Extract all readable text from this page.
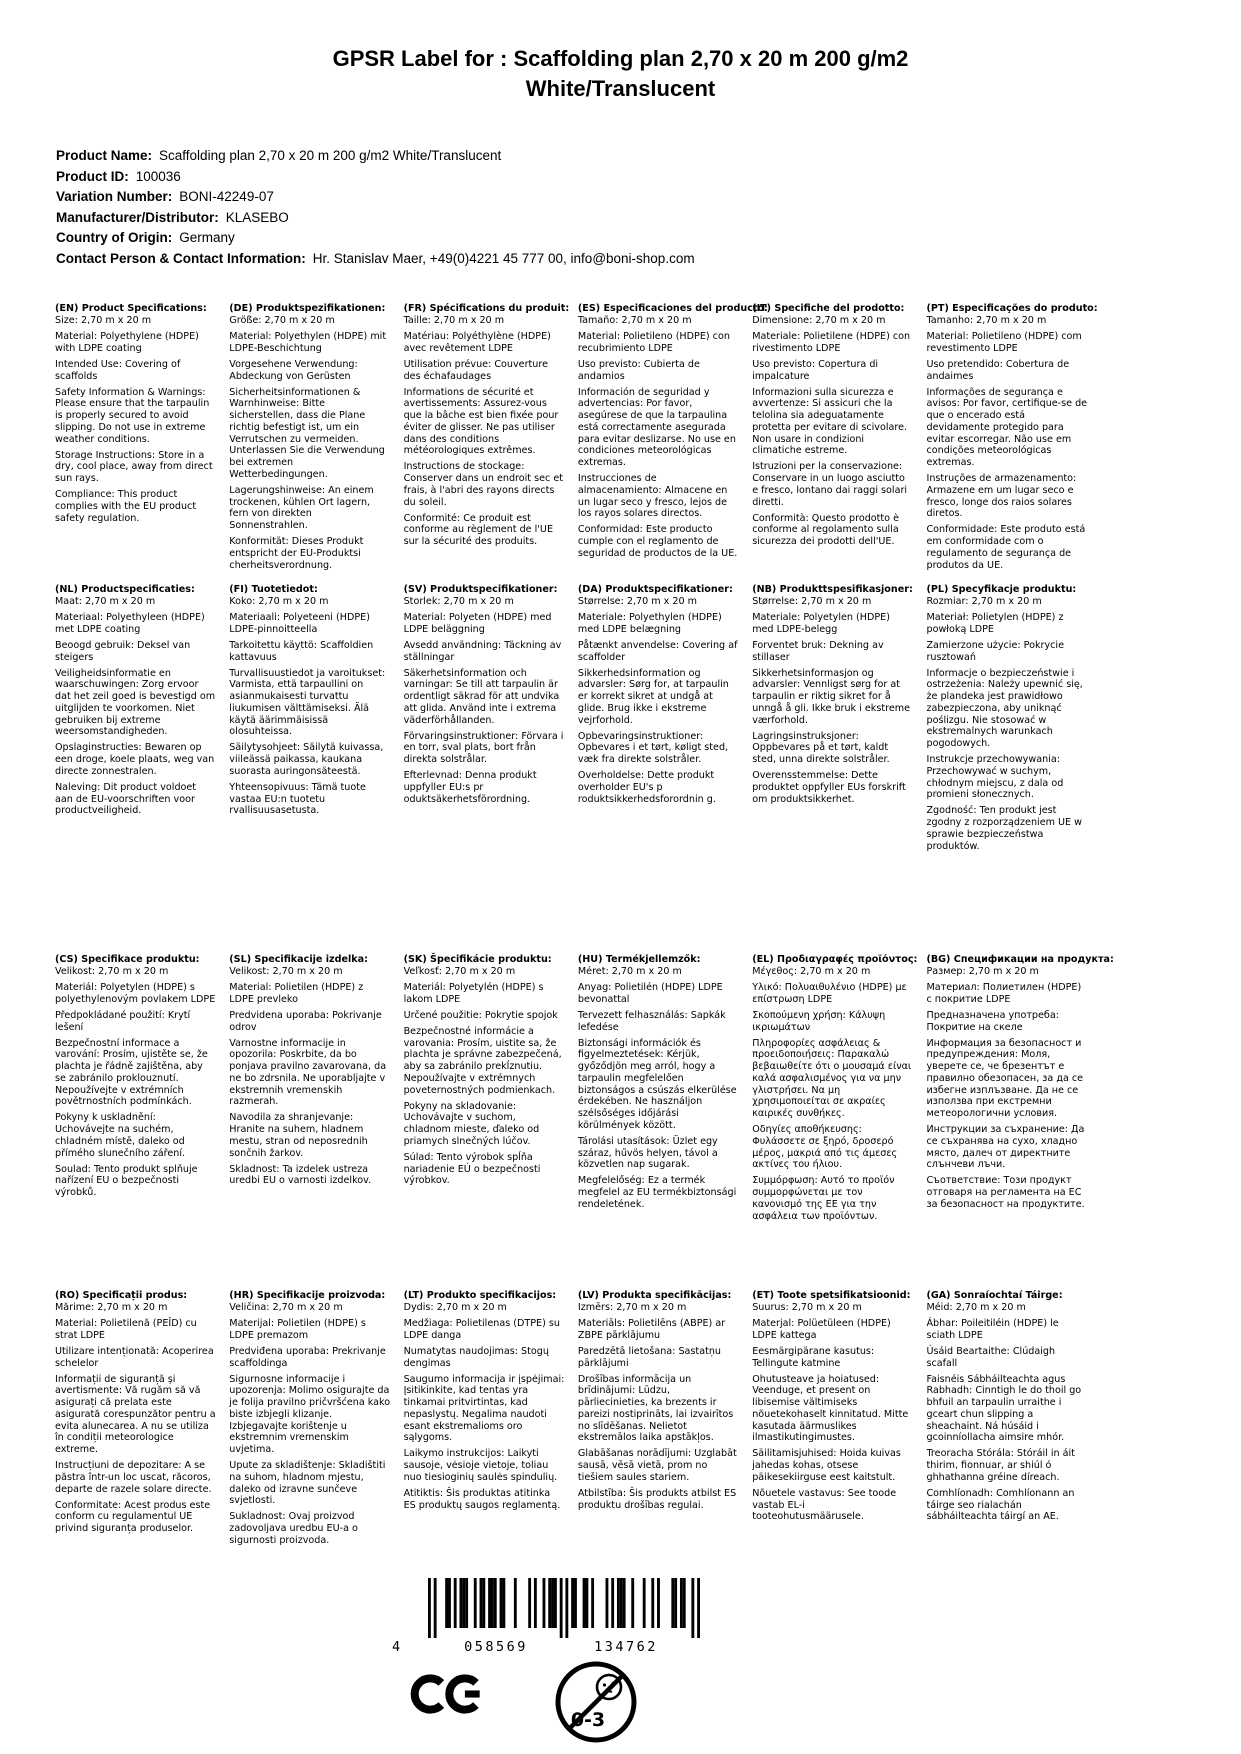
GPSR Label for : Scaffolding plan 2,70 x 20 m 200 g/m2
White/Translucent
Product Name: Scaffolding plan 2,70 x 20 m 200 g/m2 White/Translucent
Product ID: 100036
Variation Number: BONI-42249-07
Manufacturer/Distributor: KLASEBO
Country of Origin: Germany
Contact Person & Contact Information: Hr. Stanislav Maer, +49(0)4221 45 777 00, info@boni-shop.com
(EN) Product Specifications:

Size: 2,70 m x 20 m

Material: Polyethylene (HDPE) with LDPE coating

Intended Use: Covering of scaffolds

Safety Information & Warnings: Please ensure that the tarpaulin is properly secured to avoid slipping. Do not use in extreme weather conditions.

Storage Instructions: Store in a dry, cool place, away from direct sun rays.

Compliance: This product complies with the EU product safety regulation.

(DE) Produktspezifikationen:

Größe: 2,70 m x 20 m

Material: Polyethylen (HDPE) mit LDPE-Beschichtung

Vorgesehene Verwendung: Abdeckung von Gerüsten

Sicherheitsinformationen & Warnhinweise: Bitte sicherstellen, dass die Plane richtig befestigt ist, um ein Verrutschen zu vermeiden. Unterlassen Sie die Verwendung bei extremen Wetterbedingungen.

Lagerungshinweise: An einem trockenen, kühlen Ort lagern, fern von direkten Sonnenstrahlen.

Konformität: Dieses Produkt entspricht der EU-Produktsi cherheitsverordnung.

(FR) Spécifications du produit:

Taille: 2,70 m x 20 m

Matériau: Polyéthylène (HDPE) avec revêtement LDPE

Utilisation prévue: Couverture des échafaudages

Informations de sécurité et avertissements: Assurez-vous que la bâche est bien fixée pour éviter de glisser. Ne pas utiliser dans des conditions météorologiques extrêmes.

Instructions de stockage: Conserver dans un endroit sec et frais, à l'abri des rayons directs du soleil.

Conformité: Ce produit est conforme au règlement de l'UE sur la sécurité des produits.

(ES) Especificaciones del producto:

Tamaño: 2,70 m x 20 m

Material: Polietileno (HDPE) con recubrimiento LDPE

Uso previsto: Cubierta de andamios

Información de seguridad y advertencias: Por favor, asegúrese de que la tarpaulina está correctamente asegurada para evitar deslizarse. No use en condiciones meteorológicas extremas.

Instrucciones de almacenamiento: Almacene en un lugar seco y fresco, lejos de los rayos solares directos.

Conformidad: Este producto cumple con el reglamento de seguridad de productos de la UE.

(IT) Specifiche del prodotto:

Dimensione: 2,70 m x 20 m

Materiale: Polietilene (HDPE) con rivestimento LDPE

Uso previsto: Copertura di impalcature

Informazioni sulla sicurezza e avvertenze: Si assicuri che la telolina sia adeguatamente protetta per evitare di scivolare. Non usare in condizioni climatiche estreme.

Istruzioni per la conservazione: Conservare in un luogo asciutto e fresco, lontano dai raggi solari diretti.

Conformità: Questo prodotto è conforme al regolamento sulla sicurezza dei prodotti dell'UE.

(PT) Especificações do produto:

Tamanho: 2,70 m x 20 m

Material: Polietileno (HDPE) com revestimento LDPE

Uso pretendido: Cobertura de andaimes

Informações de segurança e avisos: Por favor, certifique-se de que o encerado está devidamente protegido para evitar escorregar. Não use em condições meteorológicas extremas.

Instruções de armazenamento: Armazene em um lugar seco e fresco, longe dos raios solares diretos.

Conformidade: Este produto está em conformidade com o regulamento de segurança de produtos da UE.

(NL) Productspecificaties:

Maat: 2,70 m x 20 m

Materiaal: Polyethyleen (HDPE) met LDPE coating

Beoogd gebruik: Deksel van steigers

Veiligheidsinformatie en waarschuwingen: Zorg ervoor dat het zeil goed is bevestigd om uitglijden te voorkomen. Niet gebruiken bij extreme weersomstandigheden.

Opslaginstructies: Bewaren op een droge, koele plaats, weg van directe zonnestralen.

Naleving: Dit product voldoet aan de EU-voorschriften voor productveiligheid.

(FI) Tuotetiedot:

Koko: 2,70 m x 20 m

Materiaali: Polyeteeni (HDPE) LDPE-pinnoitteella

Tarkoitettu käyttö: Scaffoldien kattavuus

Turvallisuustiedot ja varoitukset: Varmista, että tarpaullini on asianmukaisesti turvattu liukumisen välttämiseksi. Älä käytä äärimmäisissä olosuhteissa.

Säilytysohjeet: Säilytä kuivassa, viileässä paikassa, kaukana suorasta auringonsäteestä.

Yhteensopivuus: Tämä tuote vastaa EU:n tuotetu rvallisuusasetusta.

(SV) Produktspecifikationer:

Storlek: 2,70 m x 20 m

Material: Polyeten (HDPE) med LDPE beläggning

Avsedd användning: Täckning av ställningar

Säkerhetsinformation och varningar: Se till att tarpaulin är ordentligt säkrad för att undvika att glida. Använd inte i extrema väderförhållanden.

Förvaringsinstruktioner: Förvara i en torr, sval plats, bort från direkta solstrålar.

Efterlevnad: Denna produkt uppfyller EU:s pr oduktsäkerhetsförordning.

(DA) Produktspecifikationer:

Størrelse: 2,70 m x 20 m

Materiale: Polyethylen (HDPE) med LDPE belægning

Påtænkt anvendelse: Covering af scaffolder

Sikkerhedsinformation og advarsler: Sørg for, at tarpaulin er korrekt sikret at undgå at glide. Brug ikke i ekstreme vejrforhold.

Opbevaringsinstruktioner: Opbevares i et tørt, køligt sted, væk fra direkte solstråler.

Overholdelse: Dette produkt overholder EU's p roduktsikkerhedsforordnin g.

(NB) Produkttspesifikasjoner:

Størrelse: 2,70 m x 20 m

Materiale: Polyetylen (HDPE) med LDPE-belegg

Forventet bruk: Dekning av stillaser

Sikkerhetsinformasjon og advarsler: Vennligst sørg for at tarpaulin er riktig sikret for å unngå å gli. Ikke bruk i ekstreme værforhold.

Lagringsinstruksjoner: Oppbevares på et tørt, kaldt sted, unna direkte solstråler.

Overensstemmelse: Dette produktet oppfyller EUs forskrift om produktsikkerhet.

(PL) Specyfikacje produktu:

Rozmiar: 2,70 m x 20 m

Materiał: Polietylen (HDPE) z powłoką LDPE

Zamierzone użycie: Pokrycie rusztowań

Informacje o bezpieczeństwie i ostrzeżenia: Należy upewnić się, że plandeka jest prawidłowo zabezpieczona, aby uniknąć poślizgu. Nie stosować w ekstremalnych warunkach pogodowych.

Instrukcje przechowywania: Przechowywać w suchym, chłodnym miejscu, z dala od promieni słonecznych.

Zgodność: Ten produkt jest zgodny z rozporządzeniem UE w sprawie bezpieczeństwa produktów.

(CS) Specifikace produktu:

Velikost: 2,70 m x 20 m

Materiál: Polyetylen (HDPE) s polyethylenovým povlakem LDPE

Předpokládané použití: Krytí lešení

Bezpečnostní informace a varování: Prosím, ujistěte se, že plachta je řádně zajištěna, aby se zabránilo proklouznutí. Nepoužívejte v extrémních povětrnostních podmínkách.

Pokyny k uskladnění: Uchovávejte na suchém, chladném místě, daleko od přímého slunečního záření.

Soulad: Tento produkt splňuje nařízení EU o bezpečnosti výrobků.

(SL) Specifikacije izdelka:

Velikost: 2,70 m x 20 m

Material: Polietilen (HDPE) z LDPE prevleko

Predvidena uporaba: Pokrivanje odrov

Varnostne informacije in opozorila: Poskrbite, da bo ponjava pravilno zavarovana, da ne bo zdrsnila. Ne uporabljajte v ekstremnih vremenskih razmerah.

Navodila za shranjevanje: Hranite na suhem, hladnem mestu, stran od neposrednih sončnih žarkov.

Skladnost: Ta izdelek ustreza uredbi EU o varnosti izdelkov.

(SK) Špecifikácie produktu:

Veľkosť: 2,70 m x 20 m

Materiál: Polyetylén (HDPE) s lakom LDPE

Určené použitie: Pokrytie spojok

Bezpečnostné informácie a varovania: Prosím, uistite sa, že plachta je správne zabezpečená, aby sa zabránilo prekĺznutiu. Nepoužívajte v extrémnych poveternostných podmienkach.

Pokyny na skladovanie: Uchovávajte v suchom, chladnom mieste, ďaleko od priamych slnečných lúčov.

Súlad: Tento výrobok spĺňa nariadenie EÚ o bezpečnosti výrobkov.

(HU) Termékjellemzők:

Méret: 2,70 m x 20 m

Anyag: Polietilén (HDPE) LDPE bevonattal

Tervezett felhasználás: Sapkák lefedése

Biztonsági információk és figyelmeztetések: Kérjük, győződjön meg arról, hogy a tarpaulin megfelelően biztonságos a csúszás elkerülése érdekében. Ne használjon szélsőséges időjárási körülmények között.

Tárolási utasítások: Üzlet egy száraz, hűvös helyen, távol a közvetlen nap sugarak.

Megfelelőség: Ez a termék megfelel az EU termékbiztonsági rendeletének.

(EL) Προδιαγραφές προϊόντος:

Μέγεθος: 2,70 m x 20 m

Υλικό: Πολυαιθυλένιο (HDPE) με επίστρωση LDPE

Σκοπούμενη χρήση: Κάλυψη ικριωμάτων

Πληροφορίες ασφάλειας & προειδοποιήσεις: Παρακαλώ βεβαιωθείτε ότι ο μουσαμά είναι καλά ασφαλισμένος για να μην γλιστρήσει. Να μη χρησιμοποιείται σε ακραίες καιρικές συνθήκες.

Οδηγίες αποθήκευσης: Φυλάσσετε σε ξηρό, δροσερό μέρος, μακριά από τις άμεσες ακτίνες του ήλιου.

Συμμόρφωση: Αυτό το προϊόν συμμορφώνεται με τον κανονισμό της ΕΕ για την ασφάλεια των προϊόντων.

(BG) Спецификации на продукта:

Размер: 2,70 m x 20 m

Материал: Полиетилен (HDPE) с покритие LDPE

Предназначена употреба: Покритие на скеле

Информация за безопасност и предупреждения: Моля, уверете се, че брезентът е правилно обезопасен, за да се избегне изплъзване. Да не се използва при екстремни метеорологични условия.

Инструкции за съхранение: Да се съхранява на сухо, хладно място, далеч от директните слънчеви лъчи.

Съответствие: Този продукт отговаря на регламента на ЕС за безопасност на продуктите.

(RO) Specificații produs:

Mărime: 2,70 m x 20 m

Material: Polietilenă (PEÎD) cu strat LDPE

Utilizare intenționată: Acoperirea schelelor

Informații de siguranță și avertismente: Vă rugăm să vă asigurați că prelata este asigurată corespunzător pentru a evita alunecarea. A nu se utiliza în condiții meteorologice extreme.

Instrucțiuni de depozitare: A se păstra într-un loc uscat, răcoros, departe de razele solare directe.

Conformitate: Acest produs este conform cu regulamentul UE privind siguranța produselor.

(HR) Specifikacije proizvoda:

Veličina: 2,70 m x 20 m

Materijal: Polietilen (HDPE) s LDPE premazom

Predviđena uporaba: Prekrivanje scaffoldinga

Sigurnosne informacije i upozorenja: Molimo osigurajte da je folija pravilno pričvršćena kako biste izbjegli klizanje. Izbjegavajte korištenje u ekstremnim vremenskim uvjetima.

Upute za skladištenje: Skladištiti na suhom, hladnom mjestu, daleko od izravne sunčeve svjetlosti.

Sukladnost: Ovaj proizvod zadovoljava uredbu EU-a o sigurnosti proizvoda.

(LT) Produkto specifikacijos:

Dydis: 2,70 m x 20 m

Medžiaga: Polietilenas (DTPE) su LDPE danga

Numatytas naudojimas: Stogų dengimas

Saugumo informacija ir įspėjimai: Įsitikinkite, kad tentas yra tinkamai pritvirtintas, kad nepaslystų. Negalima naudoti esant ekstremalioms oro sąlygoms.

Laikymo instrukcijos: Laikyti sausoje, vėsioje vietoje, toliau nuo tiesioginių saulės spindulių.

Atitiktis: Šis produktas atitinka ES produktų saugos reglamentą.

(LV) Produkta specifikācijas:

Izmērs: 2,70 m x 20 m

Materiāls: Polietilēns (ABPE) ar ZBPE pārklājumu

Paredzētā lietošana: Sastatņu pārklājumi

Drošības informācija un brīdinājumi: Lūdzu, pārliecinieties, ka brezents ir pareizi nostiprināts, lai izvairītos no slīdēšanas. Nelietot ekstremālos laika apstākļos.

Glabāšanas norādījumi: Uzglabāt sausā, vēsā vietā, prom no tiešiem saules stariem.

Atbilstība: Šis produkts atbilst ES produktu drošības regulai.

(ET) Toote spetsifikatsioonid:

Suurus: 2,70 m x 20 m

Materjal: Polüetüleen (HDPE) LDPE kattega

Eesmärgipärane kasutus: Tellingute katmine

Ohutusteave ja hoiatused: Veenduge, et present on libisemise vältimiseks nõuetekohaselt kinnitatud. Mitte kasutada äärmuslikes ilmastikutingimustes.

Säilitamisjuhised: Hoida kuivas jahedas kohas, otsese päikesekiirguse eest kaitstult.

Nõuetele vastavus: See toode vastab EL-i tooteohutusmäärusele.

(GA) Sonraíochtaí Táirge:

Méid: 2,70 m x 20 m

Ábhar: Poileitiléin (HDPE) le sciath LDPE

Úsáid Beartaithe: Clúdaigh scafall

Faisnéis Sábháilteachta agus Rabhadh: Cinntigh le do thoil go bhfuil an tarpaulin urraithe i gceart chun slipping a sheachaint. Ná húsáid i gcoinníollacha aimsire mhór.

Treoracha Stórála: Stóráil in áit thirim, fionnuar, ar shiúl ó ghhathanna gréine díreach.

Comhlíonadh: Comhlíonann an táirge seo rialachán sábháilteachta táirgí an AE.

4	058569	134762
0-3
